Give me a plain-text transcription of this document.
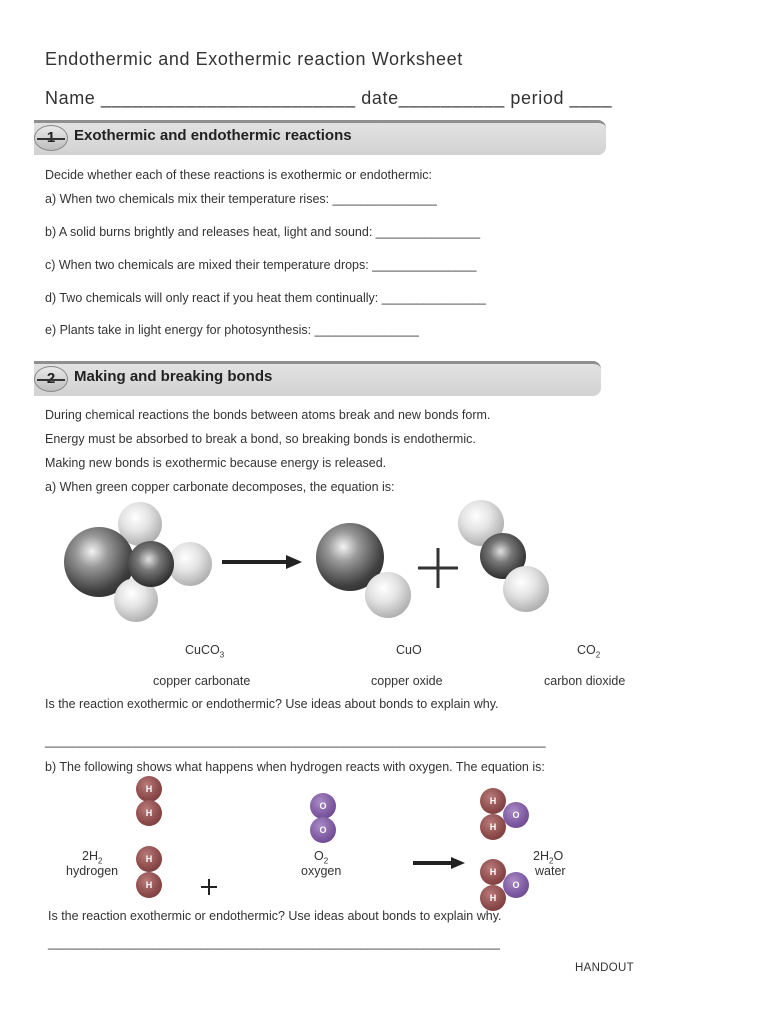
Endothermic and Exothermic reaction Worksheet
Name ________________________ date__________ period ____
1	Exothermic and endothermic reactions
Decide whether each of these reactions is exothermic or endothermic:
a) When two chemicals mix their temperature rises: _______________
b) A solid burns brightly and releases heat, light and sound: _______________
c) When two chemicals are mixed their temperature drops: _______________
d) Two chemicals will only react if you heat them continually: _______________
e) Plants take in light energy for photosynthesis: _______________
2	Making and breaking bonds
During chemical reactions the bonds between atoms break and new bonds form.
Energy must be absorbed to break a bond, so breaking bonds is endothermic.
Making new bonds is exothermic because energy is released.
a) When green copper carbonate decomposes, the equation is:
CuCO$_3$	CuO	$CO_2$
copper carbonate	copper oxide	carbon dioxide
Is the reaction exothermic or endothermic? Use ideas about bonds to explain why.
________________________________________________________________________
b) The following shows what happens when hydrogen reacts with oxygen. The equation is:
H
H
H
H
O
O
H
O
H
H
O
H
$2H_2$
hydrogen
$O_2$
oxygen
$2H_2O$
water
Is the reaction exothermic or endothermic? Use ideas about bonds to explain why.
_________________________________________________________________
HANDOUT
